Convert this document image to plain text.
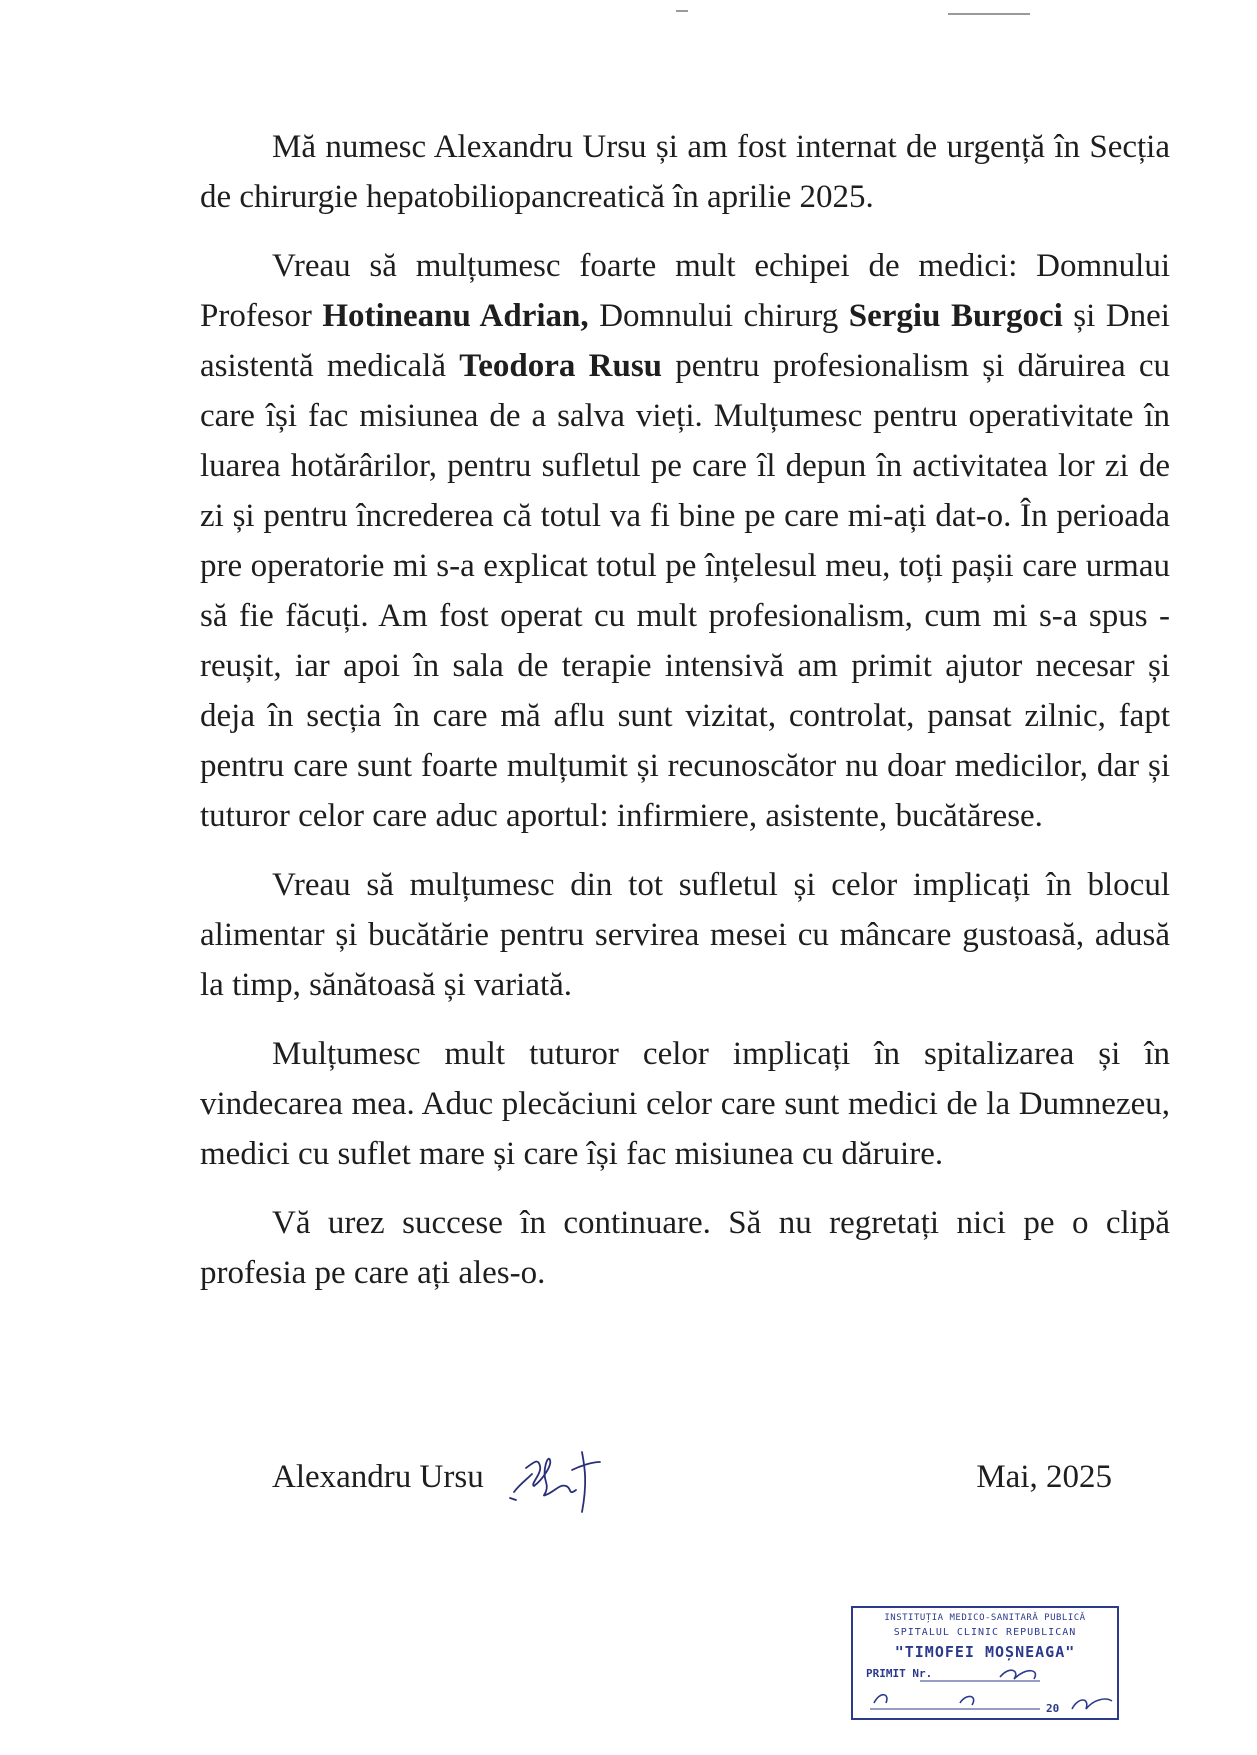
Mă numesc Alexandru Ursu și am fost internat de urgență în Secția de chirurgie hepatobiliopancreatică în aprilie 2025.

Vreau să mulțumesc foarte mult echipei de medici: Domnului Profesor Hotineanu Adrian, Domnului chirurg Sergiu Burgoci și Dnei asistentă medicală Teodora Rusu pentru profesionalism și dăruirea cu care își fac misiunea de a salva vieți. Mulțumesc pentru operativitate în luarea hotărârilor, pentru sufletul pe care îl depun în activitatea lor zi de zi și pentru încrederea că totul va fi bine pe care mi-ați dat-o. În perioada pre operatorie mi s-a explicat totul pe înțelesul meu, toți pașii care urmau să fie făcuți. Am fost operat cu mult profesionalism, cum mi s-a spus - reușit, iar apoi în sala de terapie intensivă am primit ajutor necesar și deja în secția în care mă aflu sunt vizitat, controlat, pansat zilnic, fapt pentru care sunt foarte mulțumit și recunoscător nu doar medicilor, dar și tuturor celor care aduc aportul: infirmiere, asistente, bucătărese.

Vreau să mulțumesc din tot sufletul și celor implicați în blocul alimentar și bucătărie pentru servirea mesei cu mâncare gustoasă, adusă la timp, sănătoasă și variată.

Mulțumesc mult tuturor celor implicați în spitalizarea și în vindecarea mea. Aduc plecăciuni celor care sunt medici de la Dumnezeu, medici cu suflet mare și care își fac misiunea cu dăruire.

Vă urez succese în continuare. Să nu regretați nici pe o clipă profesia pe care ați ales-o.

Alexandru Ursu	Mai, 2025
INSTITUȚIA MEDICO-SANITARĂ PUBLICĂ
SPITALUL CLINIC REPUBLICAN
"TIMOFEI MOȘNEAGA"
PRIMIT Nr.
20
